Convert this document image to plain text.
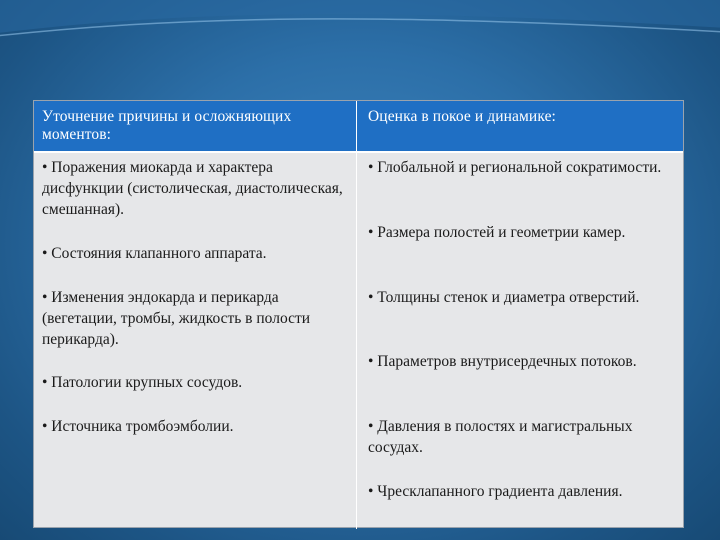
Уточнение причины и осложняющих моментов:
Оценка в покое и динамике:
• Поражения миокарда и характера дисфункции (систолическая, диастолическая, смешанная).
• Состояния клапанного аппарата.
• Изменения эндокарда и перикарда (вегетации, тромбы, жидкость в полости перикарда).
• Патологии крупных сосудов.
• Источника тромбоэмболии.
• Глобальной и региональной сократимости.
• Размера полостей и геометрии камер.
• Толщины стенок и диаметра отверстий.
• Параметров внутрисердечных потоков.
• Давления в полостях и магистральных сосудах.
• Чресклапанного градиента давления.
